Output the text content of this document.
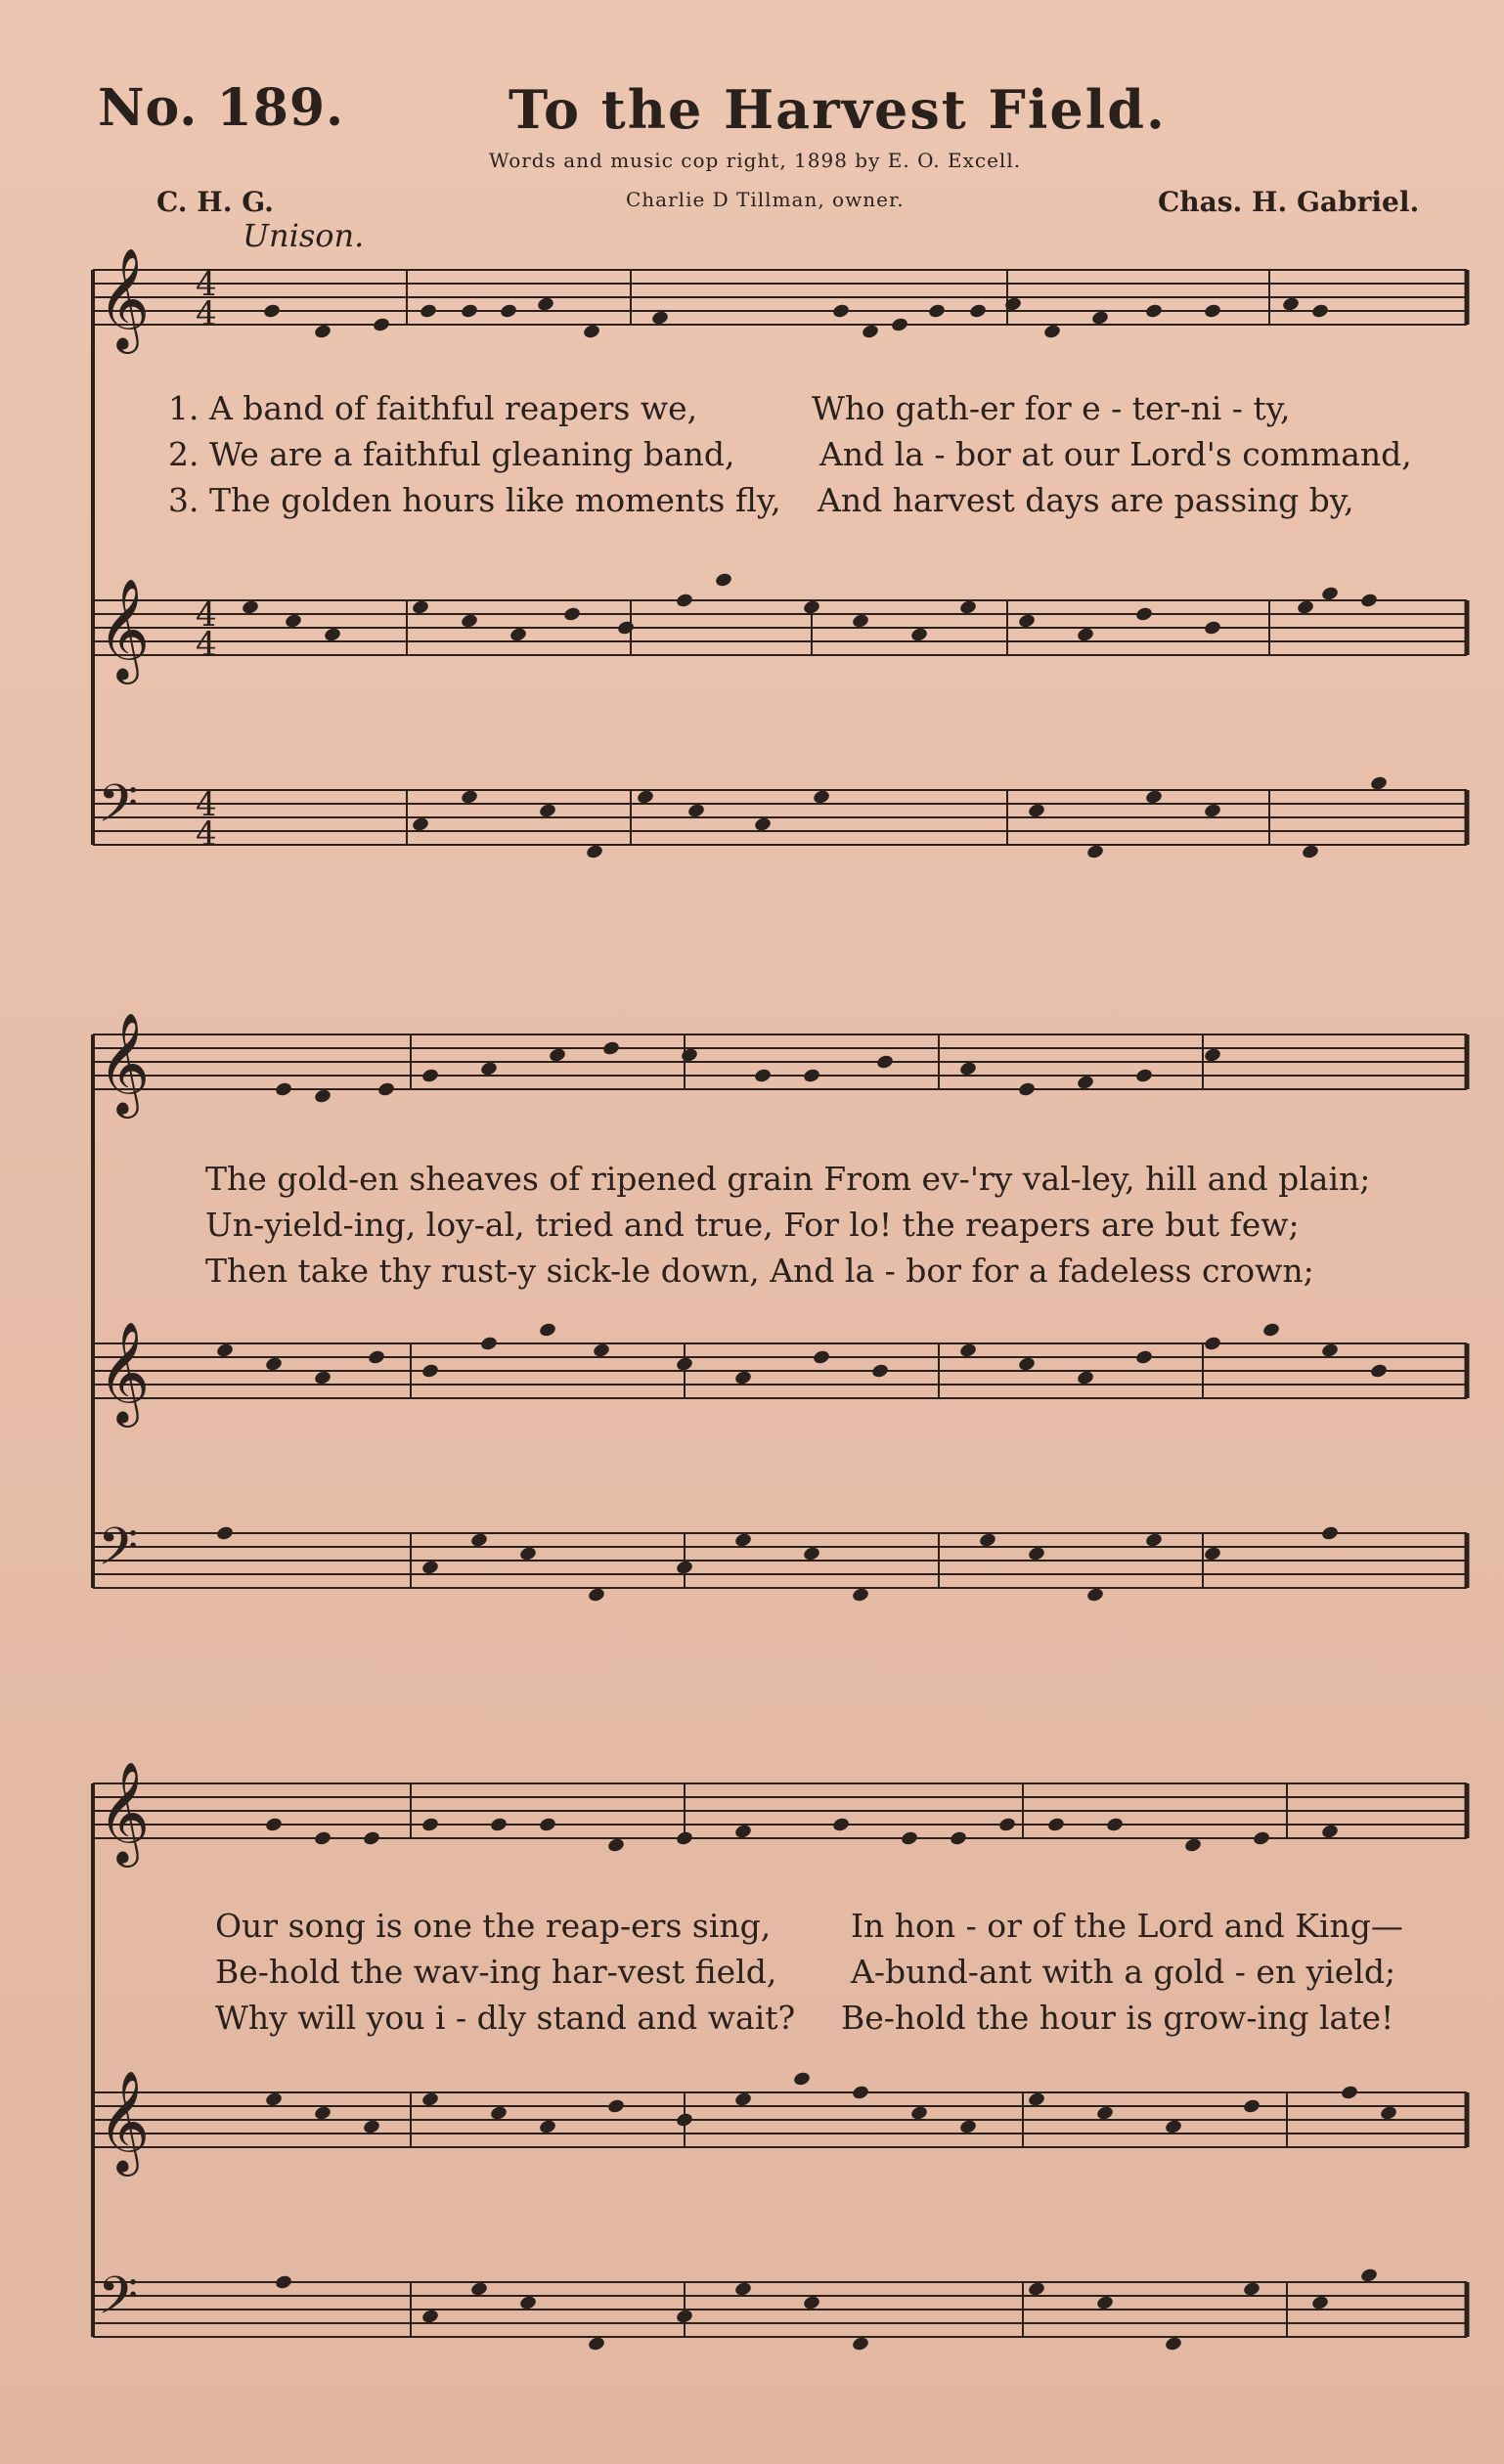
No. 189.	To the Harvest Field.
Words and music cop right, 1898 by E. O. Excell.
Charlie D Tillman, owner.
C. H. G.	Chas. H. Gabriel.
Unison.
𝄞
𝄞
𝄢
𝄞
𝄞
𝄢
𝄞
𝄞
𝄢
4
4
4
4
4
4
1. A band of faithful reapers we,
2. We are a faithful gleaning band,
3. The golden hours like moments fly,
Who gath-er for e - ter-ni - ty,
And la - bor at our Lord's command,
And harvest days are passing by,
The gold-en sheaves of ripened grain From ev-'ry val-ley, hill and plain;
Un-yield-ing, loy-al, tried and true, For lo! the reapers are but few;
Then take thy rust-y sick-le down, And la - bor for a fadeless crown;
Our song is one the reap-ers sing,
Be-hold the wav-ing har-vest field,
Why will you i - dly stand and wait?
In hon - or of the Lord and King—
A-bund-ant with a gold - en yield;
Be-hold the hour is grow-ing late!
